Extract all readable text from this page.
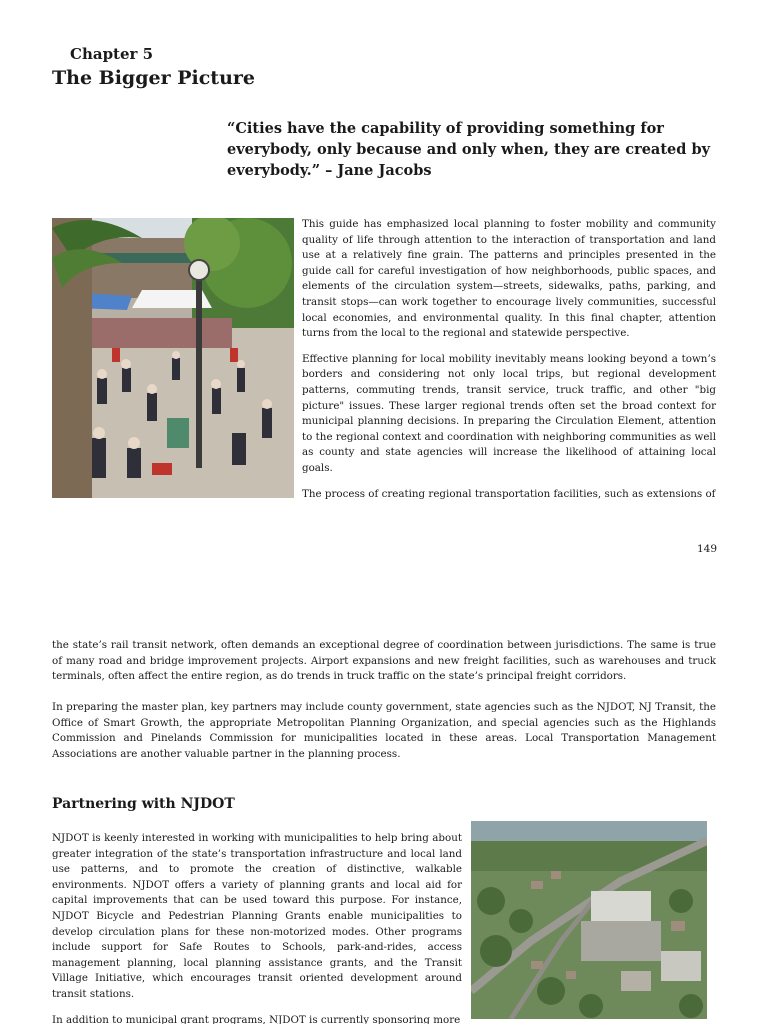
Chapter 5
The Bigger Picture
“Cities have the capability of providing something for everybody, only because and only when, they are created by everybody.” – Jane Jacobs

This guide has emphasized local planning to foster mobility and community quality of life through attention to the interaction of transportation and land use at a relatively fine grain. The patterns and principles presented in the guide call for careful investigation of how neighborhoods, public spaces, and elements of the circulation system—streets, sidewalks, paths, parking, and transit stops—can work together to encourage lively communities, successful local economies, and environmental quality. In this final chapter, attention turns from the local to the regional and statewide perspective.

Effective planning for local mobility inevitably means looking beyond a town’s borders and considering not only local trips, but regional development patterns, commuting trends, transit service, truck traffic, and other "big picture" issues. These larger regional trends often set the broad context for municipal planning decisions. In preparing the Circulation Element, attention to the regional context and coordination with neighboring communities as well as county and state agencies will increase the likelihood of attaining local goals.

The process of creating regional transportation facilities, such as extensions of

149

the state’s rail transit network, often demands an exceptional degree of coordination between jurisdictions. The same is true of many road and bridge improvement projects. Airport expansions and new freight facilities, such as warehouses and truck terminals, often affect the entire region, as do trends in truck traffic on the state’s principal freight corridors.

In preparing the master plan, key partners may include county government, state agencies such as the NJDOT, NJ Transit, the Office of Smart Growth, the appropriate Metropolitan Planning Organization, and special agencies such as the Highlands Commission and Pinelands Commission for municipalities located in these areas. Local Transportation Management Associations are another valuable partner in the planning process.

Partnering with NJDOT

NJDOT is keenly interested in working with municipalities to help bring about greater integration of the state’s transportation infrastructure and local land use patterns, and to promote the creation of distinctive, walkable environments. NJDOT offers a variety of planning grants and local aid for capital improvements that can be used toward this purpose. For instance, NJDOT Bicycle and Pedestrian Planning Grants enable municipalities to develop circulation plans for these non-motorized modes. Other programs include support for Safe Routes to Schools, park-and-rides, access management planning, local planning assistance grants, and the Transit Village Initiative, which encourages transit oriented development around transit stations.

In addition to municipal grant programs, NJDOT is currently sponsoring more
